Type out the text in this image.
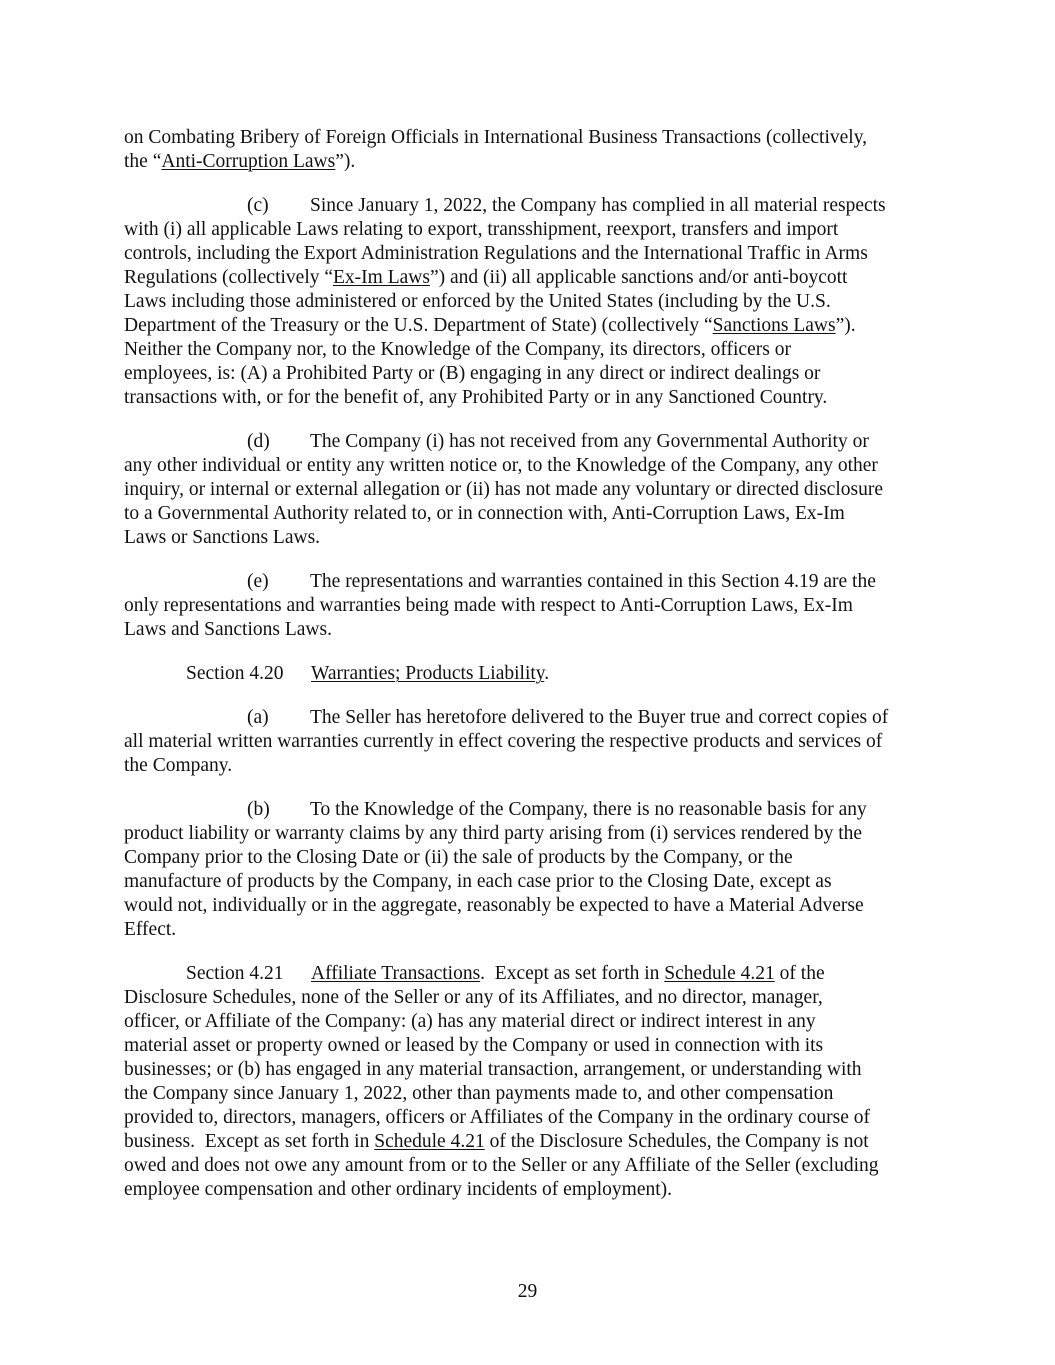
on Combating Bribery of Foreign Officials in International Business Transactions (collectively,
the “Anti-Corruption Laws”).
(c) Since January 1, 2022, the Company has complied in all material respects
with (i) all applicable Laws relating to export, transshipment, reexport, transfers and import
controls, including the Export Administration Regulations and the International Traffic in Arms
Regulations (collectively “Ex-Im Laws”) and (ii) all applicable sanctions and/or anti-boycott
Laws including those administered or enforced by the United States (including by the U.S.
Department of the Treasury or the U.S. Department of State) (collectively “Sanctions Laws”).
Neither the Company nor, to the Knowledge of the Company, its directors, officers or
employees, is: (A) a Prohibited Party or (B) engaging in any direct or indirect dealings or
transactions with, or for the benefit of, any Prohibited Party or in any Sanctioned Country.
(d) The Company (i) has not received from any Governmental Authority or
any other individual or entity any written notice or, to the Knowledge of the Company, any other
inquiry, or internal or external allegation or (ii) has not made any voluntary or directed disclosure
to a Governmental Authority related to, or in connection with, Anti-Corruption Laws, Ex-Im
Laws or Sanctions Laws.
(e) The representations and warranties contained in this Section 4.19 are the
only representations and warranties being made with respect to Anti-Corruption Laws, Ex-Im
Laws and Sanctions Laws.
Section 4.20 Warranties; Products Liability.
(a) The Seller has heretofore delivered to the Buyer true and correct copies of
all material written warranties currently in effect covering the respective products and services of
the Company.
(b) To the Knowledge of the Company, there is no reasonable basis for any
product liability or warranty claims by any third party arising from (i) services rendered by the
Company prior to the Closing Date or (ii) the sale of products by the Company, or the
manufacture of products by the Company, in each case prior to the Closing Date, except as
would not, individually or in the aggregate, reasonably be expected to have a Material Adverse
Effect.
Section 4.21 Affiliate Transactions.  Except as set forth in Schedule 4.21 of the
Disclosure Schedules, none of the Seller or any of its Affiliates, and no director, manager,
officer, or Affiliate of the Company: (a) has any material direct or indirect interest in any
material asset or property owned or leased by the Company or used in connection with its
businesses; or (b) has engaged in any material transaction, arrangement, or understanding with
the Company since January 1, 2022, other than payments made to, and other compensation
provided to, directors, managers, officers or Affiliates of the Company in the ordinary course of
business.  Except as set forth in Schedule 4.21 of the Disclosure Schedules, the Company is not
owed and does not owe any amount from or to the Seller or any Affiliate of the Seller (excluding
employee compensation and other ordinary incidents of employment).
29
